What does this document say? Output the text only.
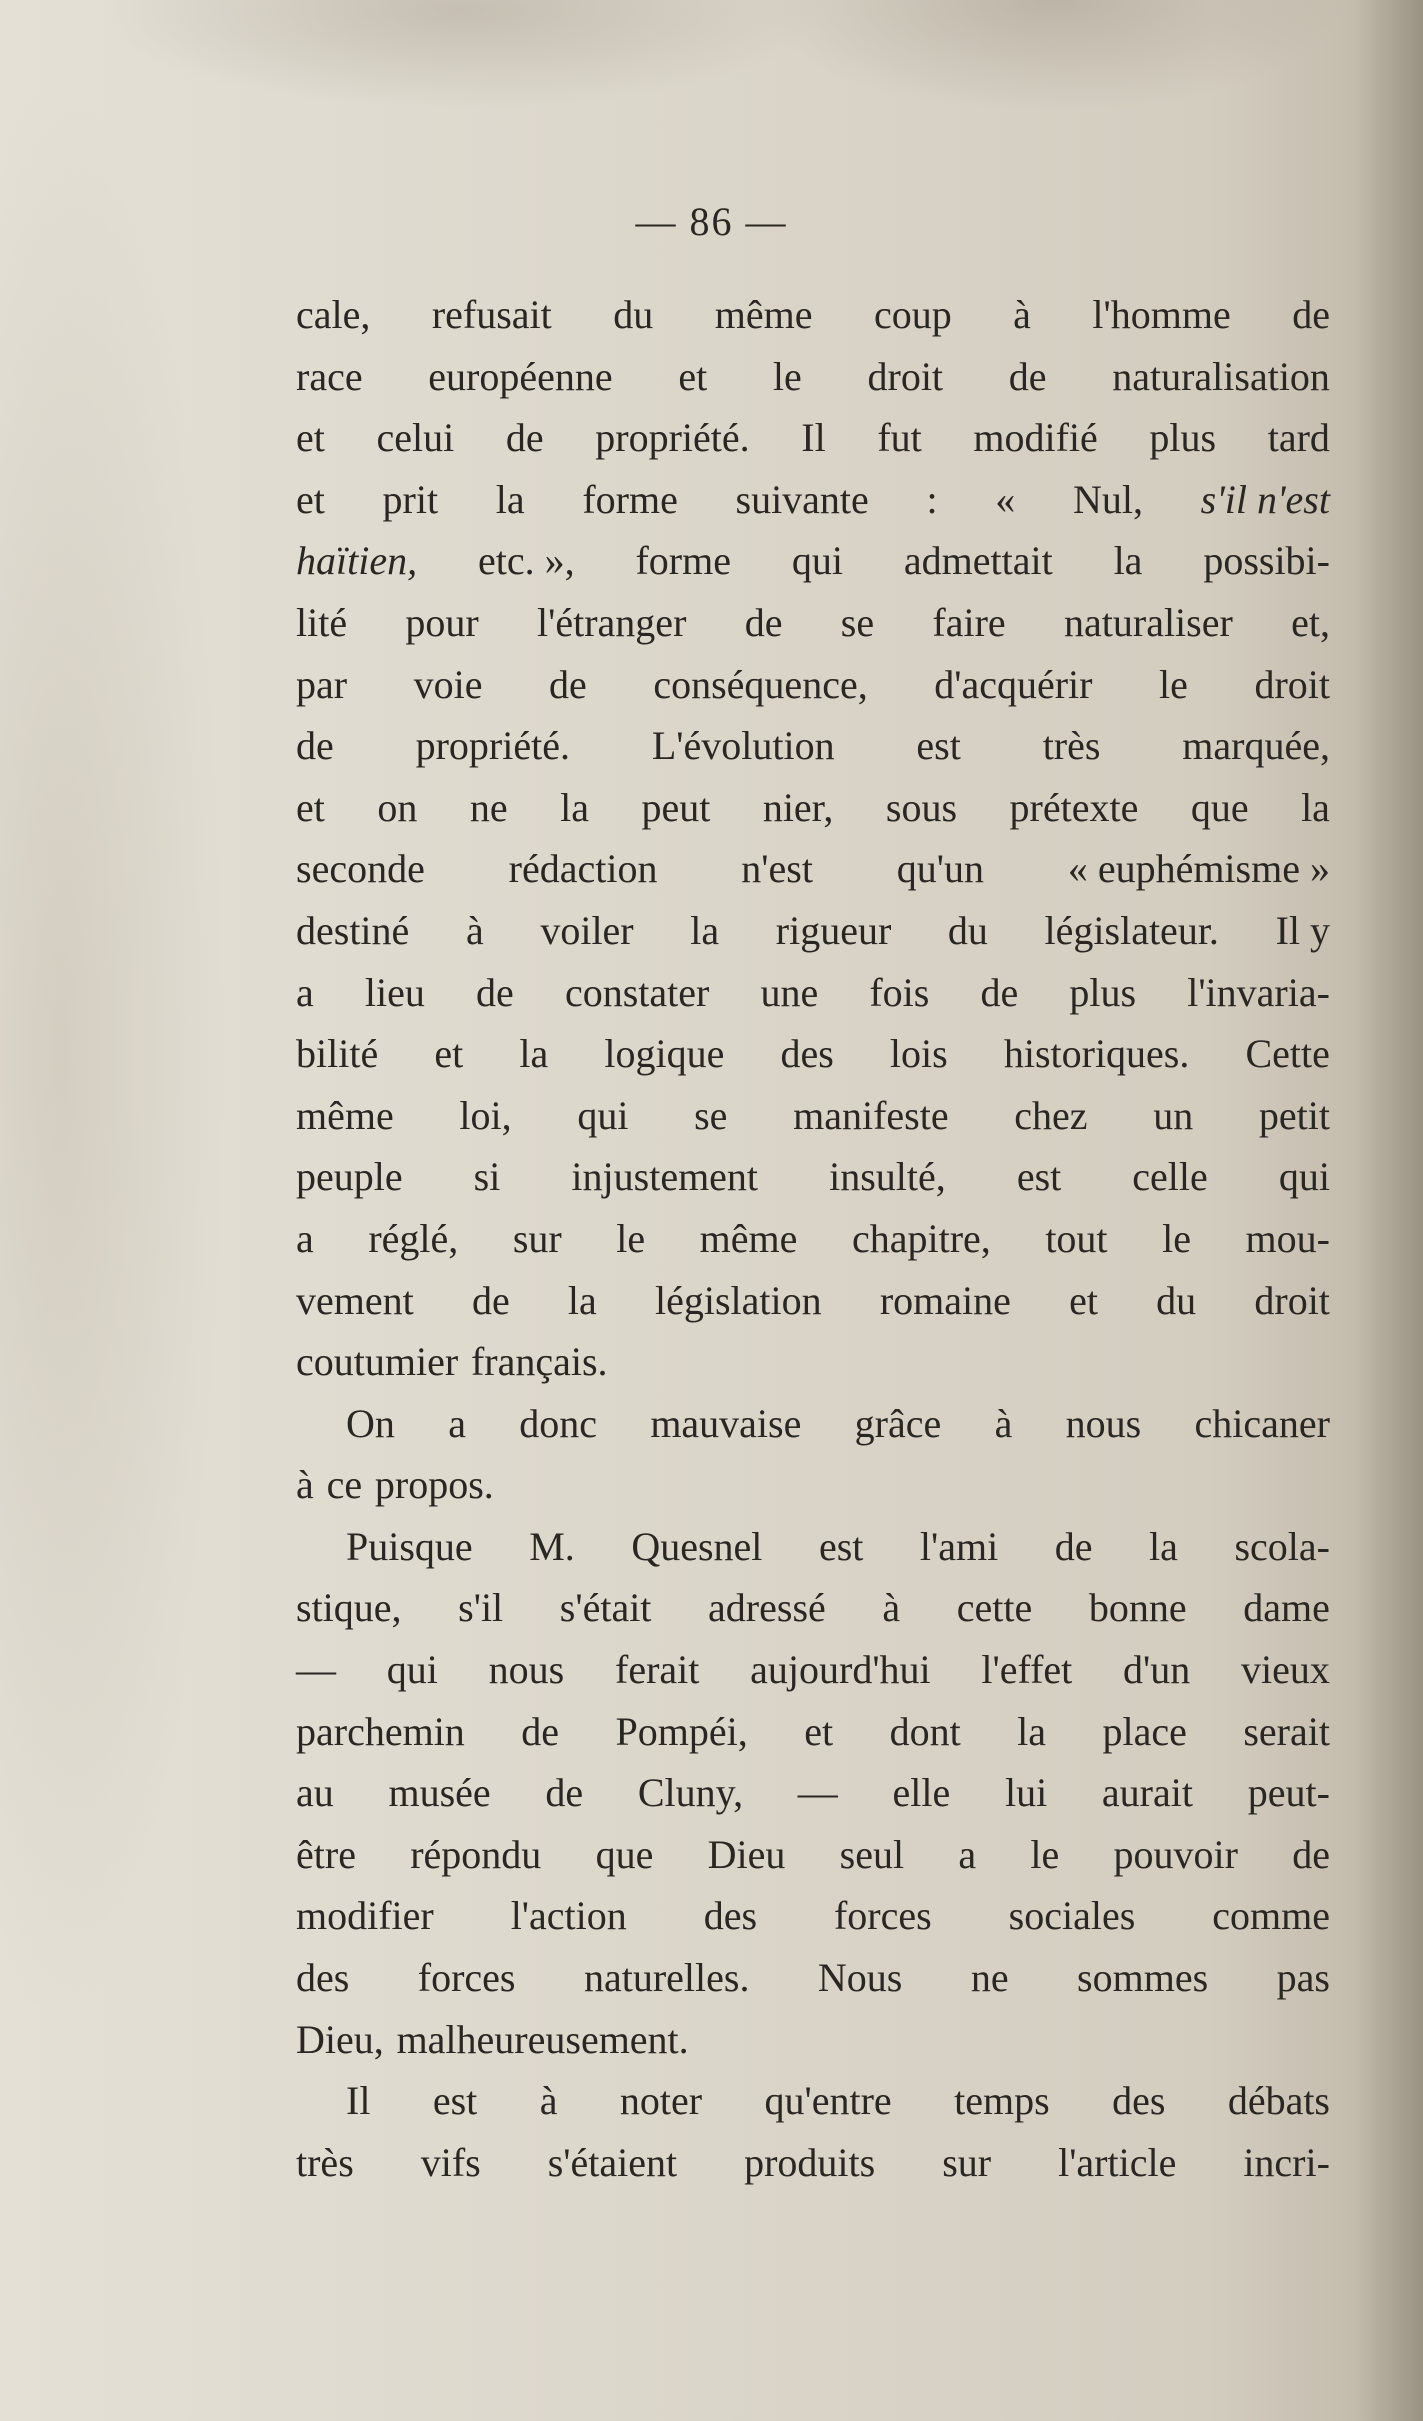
— 86 —
cale, refusait du même coup à l'homme de
race européenne et le droit de naturalisation
et celui de propriété. Il fut modifié plus tard
et prit la forme suivante : « Nul, s'il n'est
haïtien, etc. », forme qui admettait la possibi-
lité pour l'étranger de se faire naturaliser et,
par voie de conséquence, d'acquérir le droit
de propriété. L'évolution est très marquée,
et on ne la peut nier, sous prétexte que la
seconde rédaction n'est qu'un « euphémisme »
destiné à voiler la rigueur du législateur. Il y
a lieu de constater une fois de plus l'invaria-
bilité et la logique des lois historiques. Cette
même loi, qui se manifeste chez un petit
peuple si injustement insulté, est celle qui
a réglé, sur le même chapitre, tout le mou-
vement de la législation romaine et du droit
coutumier français.
On a donc mauvaise grâce à nous chicaner
à ce propos.
Puisque M. Quesnel est l'ami de la scola-
stique, s'il s'était adressé à cette bonne dame
— qui nous ferait aujourd'hui l'effet d'un vieux
parchemin de Pompéi, et dont la place serait
au musée de Cluny, — elle lui aurait peut-
être répondu que Dieu seul a le pouvoir de
modifier l'action des forces sociales comme
des forces naturelles. Nous ne sommes pas
Dieu, malheureusement.
Il est à noter qu'entre temps des débats
très vifs s'étaient produits sur l'article incri-
